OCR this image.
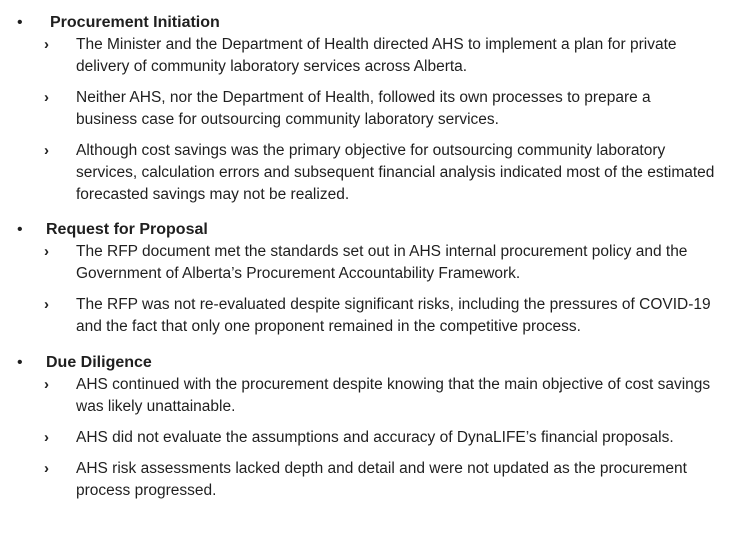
• Procurement Initiation
› The Minister and the Department of Health directed AHS to implement a plan for private delivery of community laboratory services across Alberta.
› Neither AHS, nor the Department of Health, followed its own processes to prepare a business case for outsourcing community laboratory services.
› Although cost savings was the primary objective for outsourcing community laboratory services, calculation errors and subsequent financial analysis indicated most of the estimated forecasted savings may not be realized.
• Request for Proposal
› The RFP document met the standards set out in AHS internal procurement policy and the Government of Alberta’s Procurement Accountability Framework.
› The RFP was not re-evaluated despite significant risks, including the pressures of COVID-19 and the fact that only one proponent remained in the competitive process.
• Due Diligence
› AHS continued with the procurement despite knowing that the main objective of cost savings was likely unattainable.
› AHS did not evaluate the assumptions and accuracy of DynaLIFE’s financial proposals.
› AHS risk assessments lacked depth and detail and were not updated as the procurement process progressed.
